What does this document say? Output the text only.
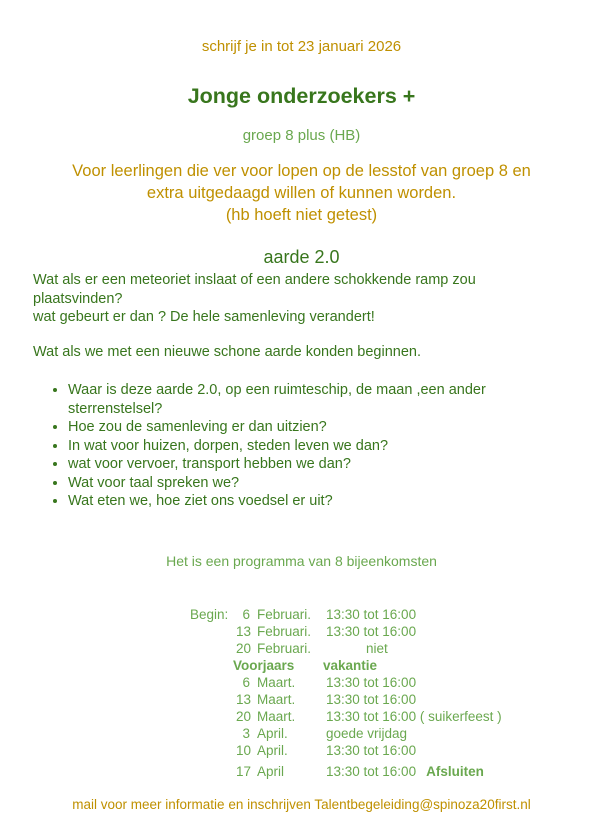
schrijf je in tot 23 januari 2026
Jonge onderzoekers +
groep 8 plus (HB)
Voor leerlingen die ver voor lopen op de lesstof van groep 8 en
extra uitgedaagd willen of kunnen worden.
(hb hoeft niet getest)
aarde 2.0
Wat als er een meteoriet inslaat of een andere schokkende ramp zou plaatsvinden?
wat gebeurt er dan ? De hele samenleving verandert!
Wat als we met een nieuwe schone aarde konden beginnen.
• Waar is deze aarde 2.0, op een ruimteschip, de maan ,een ander
sterrenstelsel?
• Hoe zou de samenleving er dan uitzien?
• In wat voor huizen, dorpen, steden leven we dan?
• wat voor vervoer, transport hebben we dan?
• Wat voor taal spreken we?
• Wat eten we, hoe ziet ons voedsel er uit?
Het is een programma van 8 bijeenkomsten
Begin:	6 Februari.	13:30 tot 16:00
13 Februari.	13:30 tot 16:00
20 Februari.	niet
Voorjaars	vakantie
6 Maart.	13:30 tot 16:00
13 Maart.	13:30 tot 16:00
20 Maart.	13:30 tot 16:00 ( suikerfeest )
3 April.	goede vrijdag
10 April.	13:30 tot 16:00
17 April	13:30 tot 16:00 Afsluiten
mail voor meer informatie en inschrijven Talentbegeleiding@spinoza20first.nl
